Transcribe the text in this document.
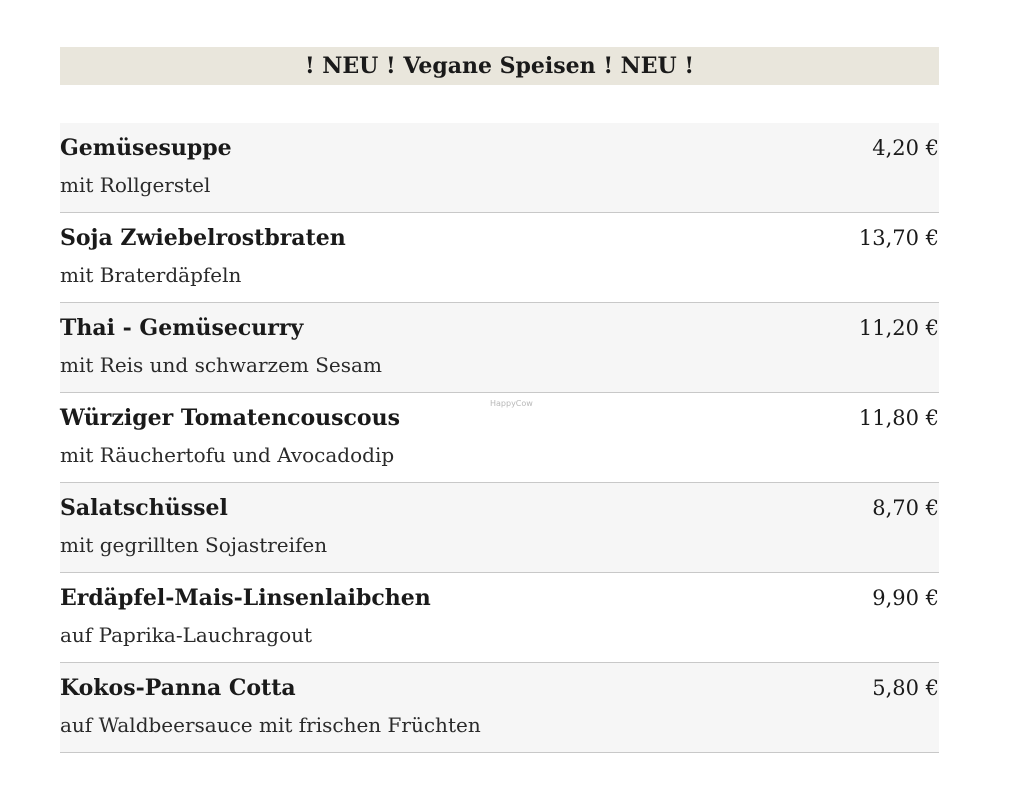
! NEU ! Vegane Speisen ! NEU !
Gemüsesuppe
mit Rollgerstel
4,20 €
Soja Zwiebelrostbraten
mit Braterdäpfeln
13,70 €
Thai - Gemüsecurry
mit Reis und schwarzem Sesam
11,20 €
Würziger Tomatencouscous
mit Räuchertofu und Avocadodip
11,80 €
Salatschüssel
mit gegrillten Sojastreifen
8,70 €
Erdäpfel-Mais-Linsenlaibchen
auf Paprika-Lauchragout
9,90 €
Kokos-Panna Cotta
auf Waldbeersauce mit frischen Früchten
5,80 €
HappyCow
